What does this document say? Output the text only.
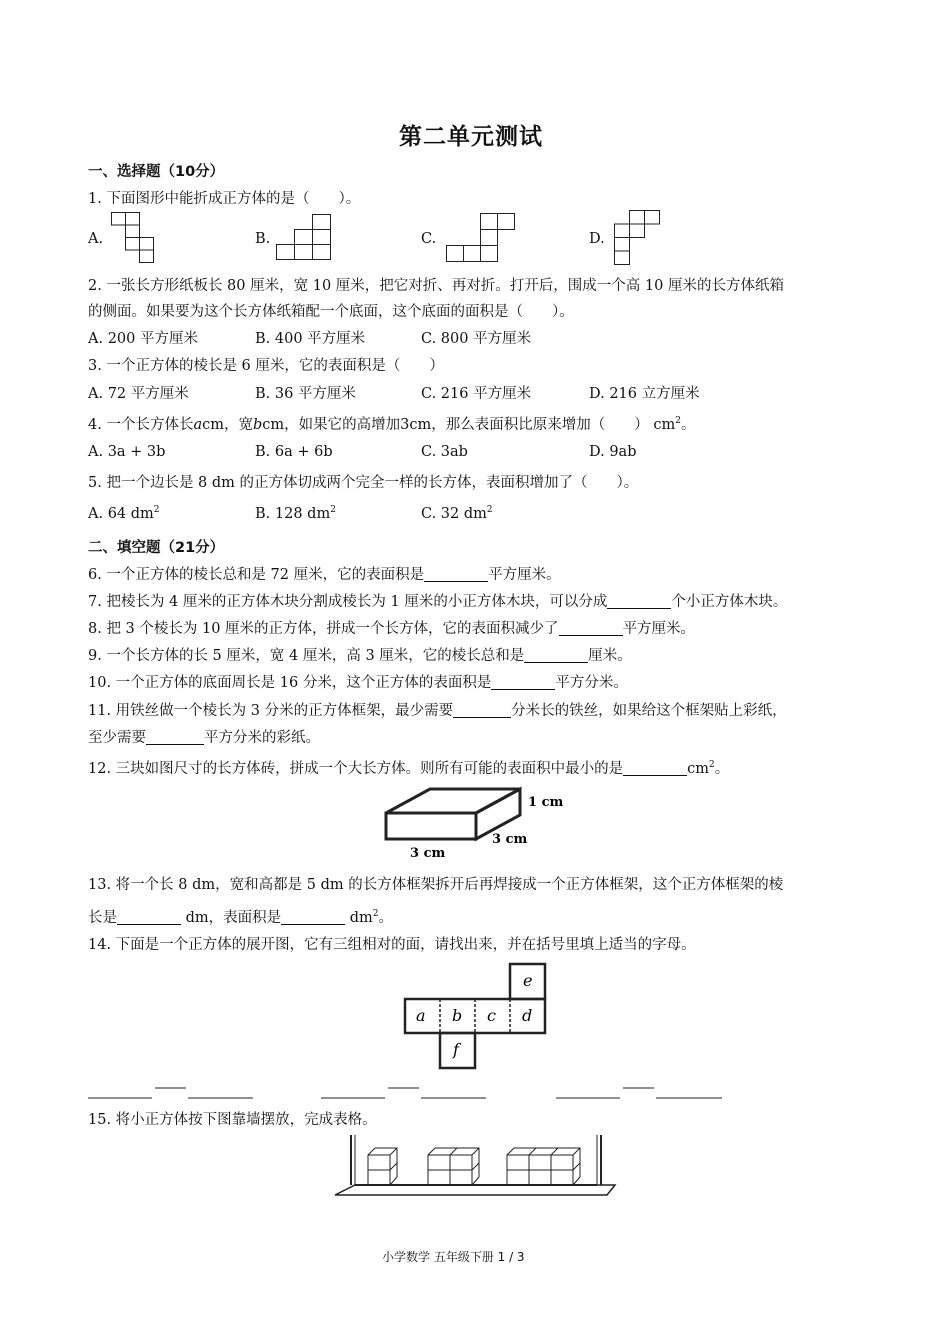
第二单元测试
一、选择题（10分）
1. 下面图形中能折成正方体的是（　　）。
A.	B.	C.	D.
2. 一张长方形纸板长 80 厘米，宽 10 厘米，把它对折、再对折。打开后，围成一个高 10 厘米的长方体纸箱
的侧面。如果要为这个长方体纸箱配一个底面，这个底面的面积是（　　）。
A. 200 平方厘米	B. 400 平方厘米	C. 800 平方厘米
3. 一个正方体的棱长是 6 厘米，它的表面积是（　　）
A. 72 平方厘米	B. 36 平方厘米	C. 216 平方厘米	D. 216 立方厘米
4. 一个长方体长acm，宽bcm，如果它的高增加3cm，那么表面积比原来增加（　　） $cm^2$。
A. 3a + 3b	B. 6a + 6b	C. 3ab	D. 9ab
5. 把一个边长是 8 dm 的正方体切成两个完全一样的长方体，表面积增加了（　　）。
A. 64 $dm^2$	B. 128 $dm^2$	C. 32 $dm^2$
二、填空题（21分）
6. 一个正方体的棱长总和是 72 厘米，它的表面积是	平方厘米。
7. 把棱长为 4 厘米的正方体木块分割成棱长为 1 厘米的小正方体木块，可以分成	个小正方体木块。
8. 把 3 个棱长为 10 厘米的正方体，拼成一个长方体，它的表面积减少了	平方厘米。
9. 一个长方体的长 5 厘米，宽 4 厘米，高 3 厘米，它的棱长总和是	厘米。
10. 一个正方体的底面周长是 16 分米，这个正方体的表面积是	平方分米。
11. 用铁丝做一个棱长为 3 分米的正方体框架，最少需要	分米长的铁丝，如果给这个框架贴上彩纸，
至少需要	平方分米的彩纸。
12. 三块如图尺寸的长方体砖，拼成一个大长方体。则所有可能的表面积中最小的是	$cm^2$。
1 cm
3 cm
3 cm
13. 将一个长 8 dm，宽和高都是 5 dm 的长方体框架拆开后再焊接成一个正方体框架，这个正方体框架的棱
长是	dm，表面积是	$dm^2$。
14. 下面是一个正方体的展开图，它有三组相对的面，请找出来，并在括号里填上适当的字母。
a b c d
e
f
15. 将小正方体按下图靠墙摆放，完成表格。
小学数学 五年级下册 1 / 3
